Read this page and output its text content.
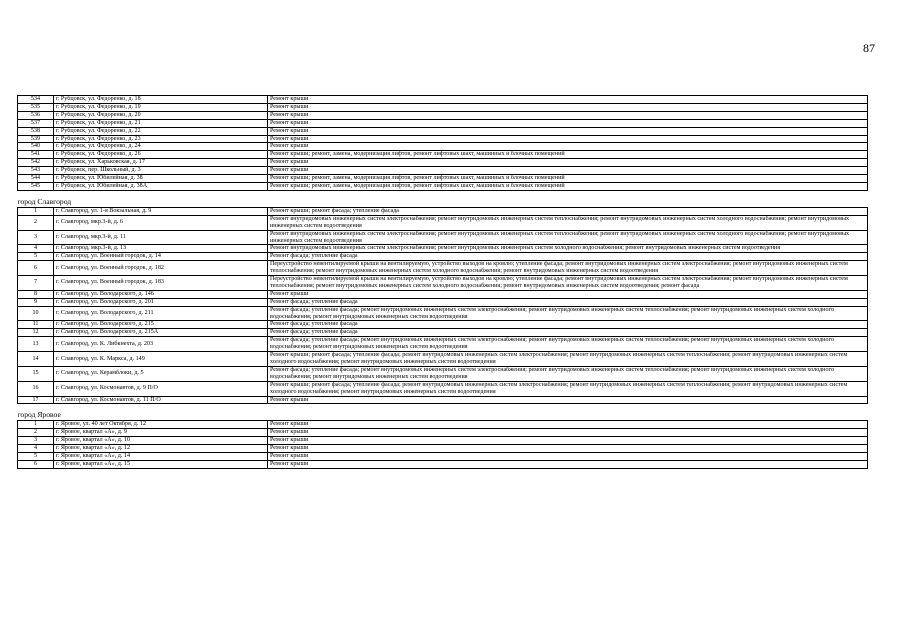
87
534	г. Рубцовск, ул. Федоренко, д. 18	Ремонт крыши
535	г. Рубцовск, ул. Федоренко, д. 19	Ремонт крыши
536	г. Рубцовск, ул. Федоренко, д. 20	Ремонт крыши
537	г. Рубцовск, ул. Федоренко, д. 21	Ремонт крыши
538	г. Рубцовск, ул. Федоренко, д. 22	Ремонт крыши
539	г. Рубцовск, ул. Федоренко, д. 23	Ремонт крыши
540	г. Рубцовск, ул. Федоренко, д. 24	Ремонт крыши
541	г. Рубцовск, ул. Федоренко, д. 26	Ремонт крыши; ремонт, замена, модернизация лифтов, ремонт лифтовых шахт, машинных и блочных помещений
542	г. Рубцовск, ул. Харьковская, д. 17	Ремонт крыши
543	г. Рубцовск, пер. Школьный, д. 3	Ремонт крыши
544	г. Рубцовск, ул. Юбилейная, д. 38	Ремонт крыши; ремонт, замена, модернизация лифтов, ремонт лифтовых шахт, машинных и блочных помещений
545	г. Рубцовск, ул. Юбилейная, д. 38А	Ремонт крыши; ремонт, замена, модернизация лифтов, ремонт лифтовых шахт, машинных и блочных помещений
город Славгород		
1	г. Славгород, ул. 1-я Вокзальная, д. 9	Ремонт крыши; ремонт фасада; утепление фасада
2	г. Славгород, мкр.3-й, д. 6	Ремонт внутридомовых инженерных систем электроснабжения; ремонт внутридомовых инженерных систем теплоснабжения; ремонт внутридомовых инженерных систем холодного водоснабжения; ремонт внутридомовых инженерных систем водоотведения
3	г. Славгород, мкр.3-й, д. 11	Ремонт внутридомовых инженерных систем электроснабжения; ремонт внутридомовых инженерных систем теплоснабжения; ремонт внутридомовых инженерных систем холодного водоснабжения; ремонт внутридомовых инженерных систем водоотведения
4	г. Славгород, мкр.3-й, д. 13	Ремонт внутридомовых инженерных систем электроснабжения; ремонт внутридомовых инженерных систем холодного водоснабжения; ремонт внутридомовых инженерных систем водоотведения
5	г. Славгород, ул. Военный городок, д. 14	Ремонт фасада; утепление фасада
6	г. Славгород, ул. Военный городок, д. 182	Переустройство невентилируемой крыши на вентилируемую, устройство выходов на кровлю; утепление фасада; ремонт внутридомовых инженерных систем электроснабжения; ремонт внутридомовых инженерных систем теплоснабжения; ремонт внутридомовых инженерных систем холодного водоснабжения; ремонт внутридомовых инженерных систем водоотведения
7	г. Славгород, ул. Военный городок, д. 183	Переустройство невентилируемой крыши на вентилируемую, устройство выходов на кровлю; утепление фасада; ремонт внутридомовых инженерных систем электроснабжения; ремонт внутридомовых инженерных систем теплоснабжения; ремонт внутридомовых инженерных систем холодного водоснабжения; ремонт внутридомовых инженерных систем водоотведения; ремонт фасада
8	г. Славгород, ул. Володарского, д. 146	Ремонт крыши
9	г. Славгород, ул. Володарского, д. 201	Ремонт фасада; утепление фасада
10	г. Славгород, ул. Володарского, д. 211	Ремонт фасада; утепление фасада; ремонт внутридомовых инженерных систем электроснабжения; ремонт внутридомовых инженерных систем теплоснабжения; ремонт внутридомовых инженерных систем холодного водоснабжения; ремонт внутридомовых инженерных систем водоотведения
11	г. Славгород, ул. Володарского, д. 215	Ремонт фасада; утепление фасада
12	г. Славгород, ул. Володарского, д. 215А	Ремонт фасада; утепление фасада
13	г. Славгород, ул. К. Либкнехта, д. 203	Ремонт фасада; утепление фасада; ремонт внутридомовых инженерных систем электроснабжения; ремонт внутридомовых инженерных систем теплоснабжения; ремонт внутридомовых инженерных систем холодного водоснабжения; ремонт внутридомовых инженерных систем водоотведения
14	г. Славгород, ул. К. Маркса, д. 149	Ремонт крыши; ремонт фасада; утепление фасада; ремонт внутридомовых инженерных систем электроснабжения; ремонт внутридомовых инженерных систем теплоснабжения; ремонт внутридомовых инженерных систем холодного водоснабжения; ремонт внутридомовых инженерных систем водоотведения
15	г. Славгород, ул. Керамблоки, д. 5	Ремонт фасада; утепление фасада; ремонт внутридомовых инженерных систем электроснабжения; ремонт внутридомовых инженерных систем теплоснабжения; ремонт внутридомовых инженерных систем холодного водоснабжения; ремонт внутридомовых инженерных систем водоотведения
16	г. Славгород, ул. Космонавтов, д. 9 П/О	Ремонт крыши; ремонт фасада; утепление фасада; ремонт внутридомовых инженерных систем электроснабжения; ремонт внутридомовых инженерных систем теплоснабжения; ремонт внутридомовых инженерных систем холодного водоснабжения; ремонт внутридомовых инженерных систем водоотведения
17	г. Славгород, ул. Космонавтов, д. 11 П/О	Ремонт крыши
город Яровое		
1	г. Яровое, ул. 40 лет Октября, д. 12	Ремонт крыши
2	г. Яровое, квартал «А», д. 9	Ремонт крыши
3	г. Яровое, квартал «А», д. 10	Ремонт крыши
4	г. Яровое, квартал «А», д. 12	Ремонт крыши
5	г. Яровое, квартал «А», д. 14	Ремонт крыши
6	г. Яровое, квартал «А», д. 15	Ремонт крыши
